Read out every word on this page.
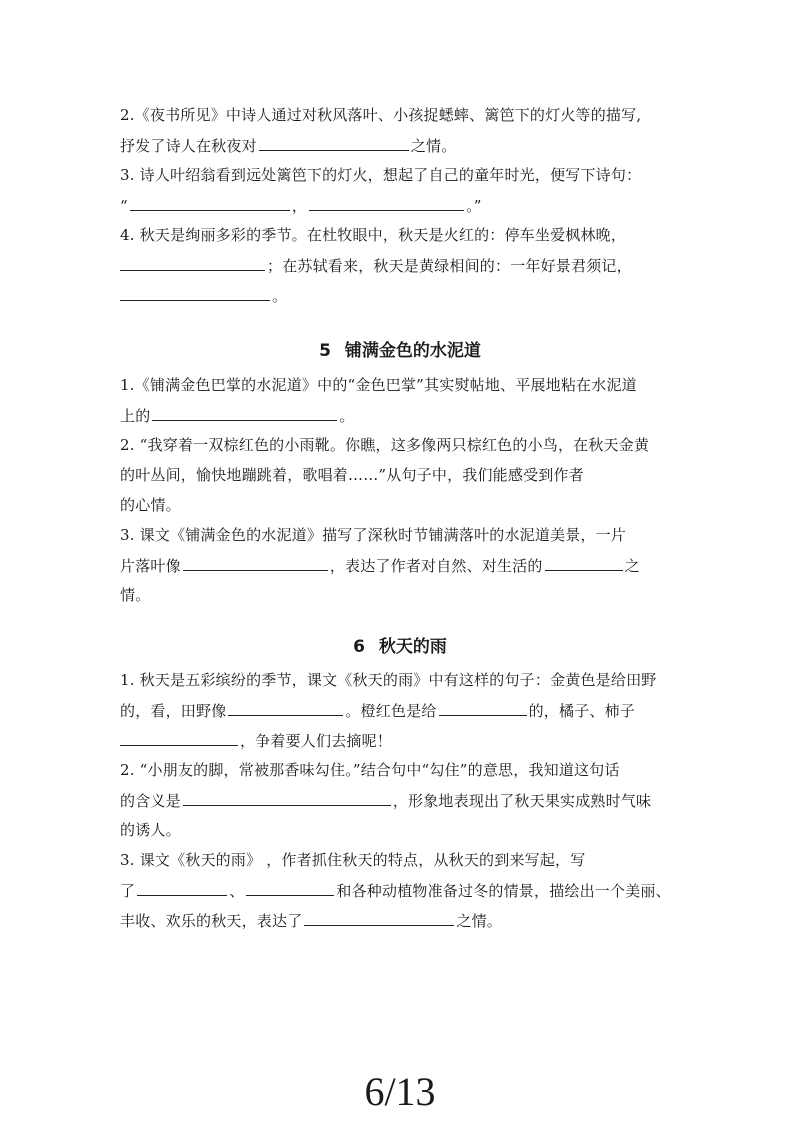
2.《夜书所见》中诗人通过对秋风落叶、小孩捉蟋蟀、篱笆下的灯火等的描写,
抒发了诗人在秋夜对	之情。
3. 诗人叶绍翁看到远处篱笆下的灯火，想起了自己的童年时光，便写下诗句：
“	，	。”
4. 秋天是绚丽多彩的季节。在杜牧眼中，秋天是火红的：停车坐爱枫林晚，
；在苏轼看来，秋天是黄绿相间的：一年好景君须记，
。
5 铺满金色的水泥道
1.《铺满金色巴掌的水泥道》中的“金色巴掌”其实熨帖地、平展地粘在水泥道
上的	。
2. “我穿着一双棕红色的小雨靴。你瞧，这多像两只棕红色的小鸟，在秋天金黄
的叶丛间，愉快地蹦跳着，歌唱着……”从句子中，我们能感受到作者
的心情。
3. 课文《铺满金色的水泥道》描写了深秋时节铺满落叶的水泥道美景，一片
片落叶像	，表达了作者对自然、对生活的	之
情。
6 秋天的雨
1. 秋天是五彩缤纷的季节，课文《秋天的雨》中有这样的句子：金黄色是给田野
的，看，田野像	。橙红色是给	的，橘子、柿子
，争着要人们去摘呢！
2. “小朋友的脚，常被那香味勾住。”结合句中“勾住”的意思，我知道这句话
的含义是	，形象地表现出了秋天果实成熟时气味
的诱人。
3. 课文《秋天的雨》 ，作者抓住秋天的特点，从秋天的到来写起，写
了	、	和各种动植物准备过冬的情景，描绘出一个美丽、
丰收、欢乐的秋天，表达了	之情。
6/13
